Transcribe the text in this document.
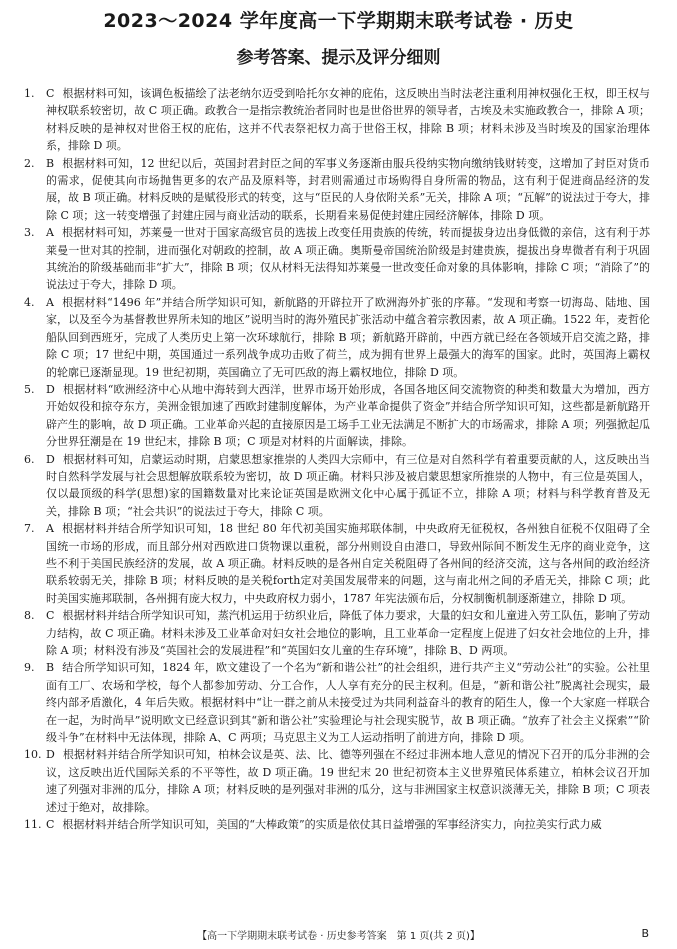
2023～2024 学年度高一下学期期末联考试卷 · 历史
参考答案、提示及评分细则

1.	C 根据材料可知，该调色板描绘了法老纳尔迈受到哈托尔女神的庇佑，这反映出当时法老注重利用神权强化王权，即王权与神权联系较密切，故 C 项正确。政教合一是指宗教统治者同时也是世俗世界的领导者，古埃及未实施政教合一，排除 A 项；材料反映的是神权对世俗王权的庇佑，这并不代表祭祀权力高于世俗王权，排除 B 项；材料未涉及当时埃及的国家治理体系，排除 D 项。

2.	B 根据材料可知，12 世纪以后，英国封君封臣之间的军事义务逐渐由服兵役纳实物向缴纳钱财转变，这增加了封臣对货币的需求，促使其向市场抛售更多的农产品及原料等，封君则需通过市场购得自身所需的物品，这有利于促进商品经济的发展，故 B 项正确。材料反映的是赋役形式的转变，这与“臣民的人身依附关系”无关，排除 A 项；“瓦解”的说法过于夸大，排除 C 项；这一转变增强了封建庄园与商业活动的联系，长期看来易促使封建庄园经济解体，排除 D 项。

3.	A 根据材料可知，苏莱曼一世对于国家高级官员的选拔上改变任用贵族的传统，转而提拔身边出身低微的亲信，这有利于苏莱曼一世对其的控制，进而强化对朝政的控制，故 A 项正确。奥斯曼帝国统治阶级是封建贵族，提拔出身卑微者有利于巩固其统治的阶级基础而非“扩大”，排除 B 项；仅从材料无法得知苏莱曼一世改变任命对象的具体影响，排除 C 项；“消除了”的说法过于夸大，排除 D 项。

4.	A 根据材料“1496 年”并结合所学知识可知，新航路的开辟拉开了欧洲海外扩张的序幕。“发现和考察一切海岛、陆地、国家，以及至今为基督教世界所未知的地区”说明当时的海外殖民扩张活动中蕴含着宗教因素，故 A 项正确。1522 年，麦哲伦船队回到西班牙，完成了人类历史上第一次环球航行，排除 B 项；新航路开辟前，中西方就已经在各领域开启交流之路，排除 C 项；17 世纪中期，英国通过一系列战争成功击败了荷兰，成为拥有世界上最强大的海军的国家。此时，英国海上霸权的轮廓已逐渐显现。19 世纪初期，英国确立了无可匹敌的海上霸权地位，排除 D 项。

5.	D 根据材料“欧洲经济中心从地中海转到大西洋，世界市场开始形成，各国各地区间交流物资的种类和数量大为增加，西方开始奴役和掠夺东方，美洲金银加速了西欧封建制度解体，为产业革命提供了资金”并结合所学知识可知，这些都是新航路开辟产生的影响，故 D 项正确。工业革命兴起的直接原因是工场手工业无法满足不断扩大的市场需求，排除 A 项；列强掀起瓜分世界狂潮是在 19 世纪末，排除 B 项；C 项是对材料的片面解读，排除。

6.	D 根据材料可知，启蒙运动时期，启蒙思想家推崇的人类四大宗师中，有三位是对自然科学有着重要贡献的人，这反映出当时自然科学发展与社会思想解放联系较为密切，故 D 项正确。材料只涉及被启蒙思想家所推崇的人物中，有三位是英国人，仅以最顶级的科学(思想)家的国籍数量对比来论证英国是欧洲文化中心属于孤证不立，排除 A 项；材料与科学教育普及无关，排除 B 项；“社会共识”的说法过于夸大，排除 C 项。

7.	A 根据材料并结合所学知识可知，18 世纪 80 年代初美国实施邦联体制，中央政府无征税权，各州独自征税不仅阻碍了全国统一市场的形成，而且部分州对西欧进口货物课以重税，部分州则设自由港口，导致州际间不断发生无序的商业竞争，这些不利于美国民族经济的发展，故 A 项正确。材料反映的是各州自定关税阻碍了各州间的经济交流，这与各州间的政治经济联系较弱无关，排除 B 项；材料反映的是关税forth定对美国发展带来的问题，这与南北州之间的矛盾无关，排除 C 项；此时美国实施邦联制，各州拥有庞大权力，中央政府权力弱小，1787 年宪法颁布后，分权制衡机制逐渐建立，排除 D 项。

8.	C 根据材料并结合所学知识可知，蒸汽机运用于纺织业后，降低了体力要求，大量的妇女和儿童进入劳工队伍，影响了劳动力结构，故 C 项正确。材料未涉及工业革命对妇女社会地位的影响，且工业革命一定程度上促进了妇女社会地位的上升，排除 A 项；材料没有涉及“英国社会的发展进程”和“英国妇女儿童的生存环境”，排除 B、D 两项。

9.	B 结合所学知识可知，1824 年，欧文建设了一个名为“新和谐公社”的社会组织，进行共产主义“劳动公社”的实验。公社里面有工厂、农场和学校，每个人都参加劳动、分工合作，人人享有充分的民主权利。但是，“新和谐公社”脱离社会现实，最终内部矛盾激化，4 年后失败。根据材料中“让一群之前从未接受过为共同利益奋斗的教育的陌生人，像一个大家庭一样联合在一起，为时尚早”说明欧文已经意识到其“新和谐公社”实验理论与社会现实脱节，故 B 项正确。“放弃了社会主义探索”“阶级斗争”在材料中无法体现，排除 A、C 两项；马克思主义为工人运动指明了前进方向，排除 D 项。

10. D 根据材料并结合所学知识可知，柏林会议是英、法、比、德等列强在不经过非洲本地人意见的情况下召开的瓜分非洲的会议，这反映出近代国际关系的不平等性，故 D 项正确。19 世纪末 20 世纪初资本主义世界殖民体系建立，柏林会议召开加速了列强对非洲的瓜分，排除 A 项；材料反映的是列强对非洲的瓜分，这与非洲国家主权意识淡薄无关，排除 B 项；C 项表述过于绝对，故排除。

11. C 根据材料并结合所学知识可知，美国的“大棒政策”的实质是依仗其日益增强的军事经济实力，向拉美实行武力威

【高一下学期期末联考试卷 · 历史参考答案　第 1 页(共 2 页)】	B
